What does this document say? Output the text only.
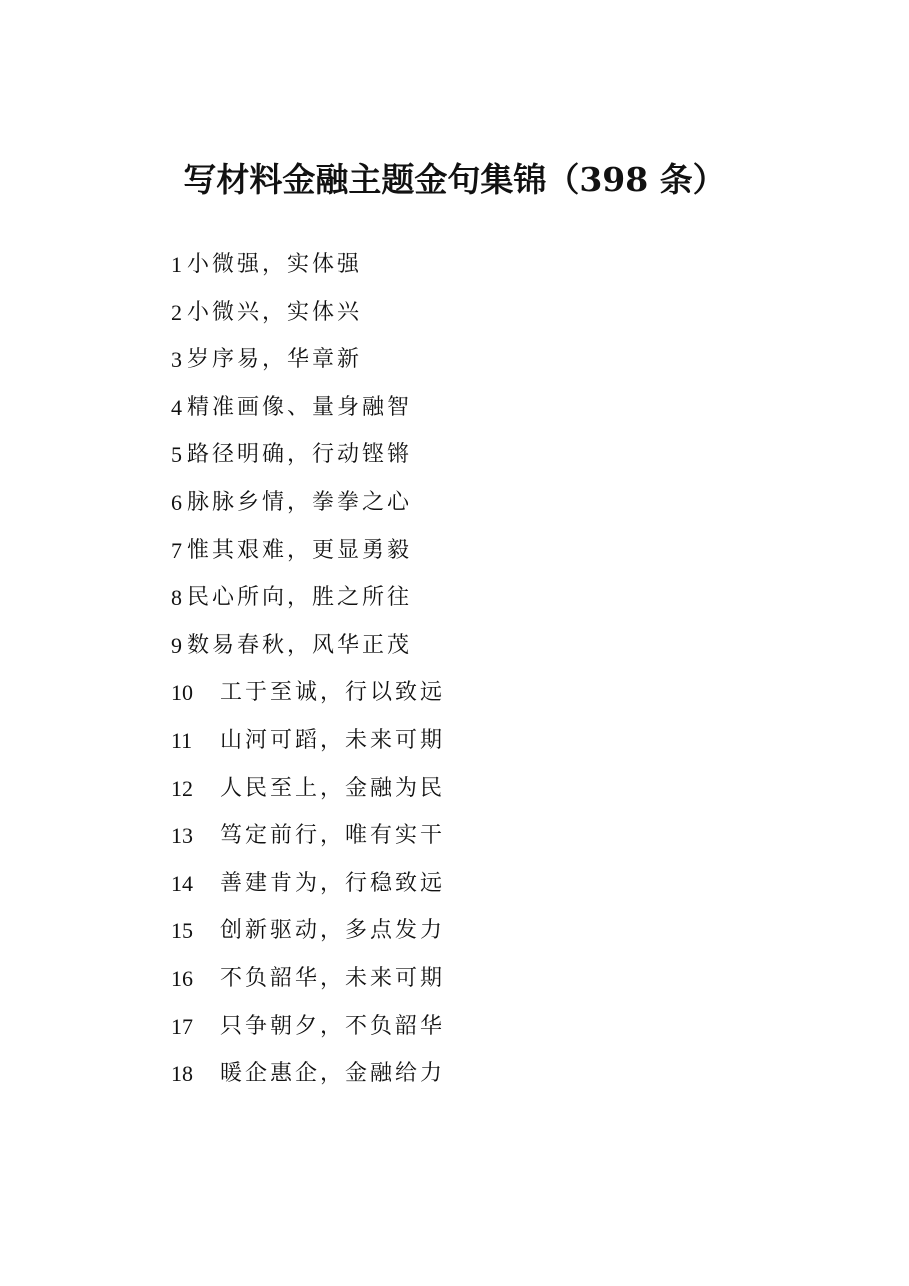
写材料金融主题金句集锦（398 条）
1 小微强，实体强
2 小微兴，实体兴
3 岁序易，华章新
4 精准画像、量身融智
5 路径明确，行动铿锵
6 脉脉乡情，拳拳之心
7 惟其艰难，更显勇毅
8 民心所向，胜之所往
9 数易春秋，风华正茂
10	工于至诚，行以致远
11	山河可蹈，未来可期
12	人民至上，金融为民
13	笃定前行，唯有实干
14	善建肯为，行稳致远
15	创新驱动，多点发力
16	不负韶华，未来可期
17	只争朝夕，不负韶华
18	暖企惠企，金融给力
